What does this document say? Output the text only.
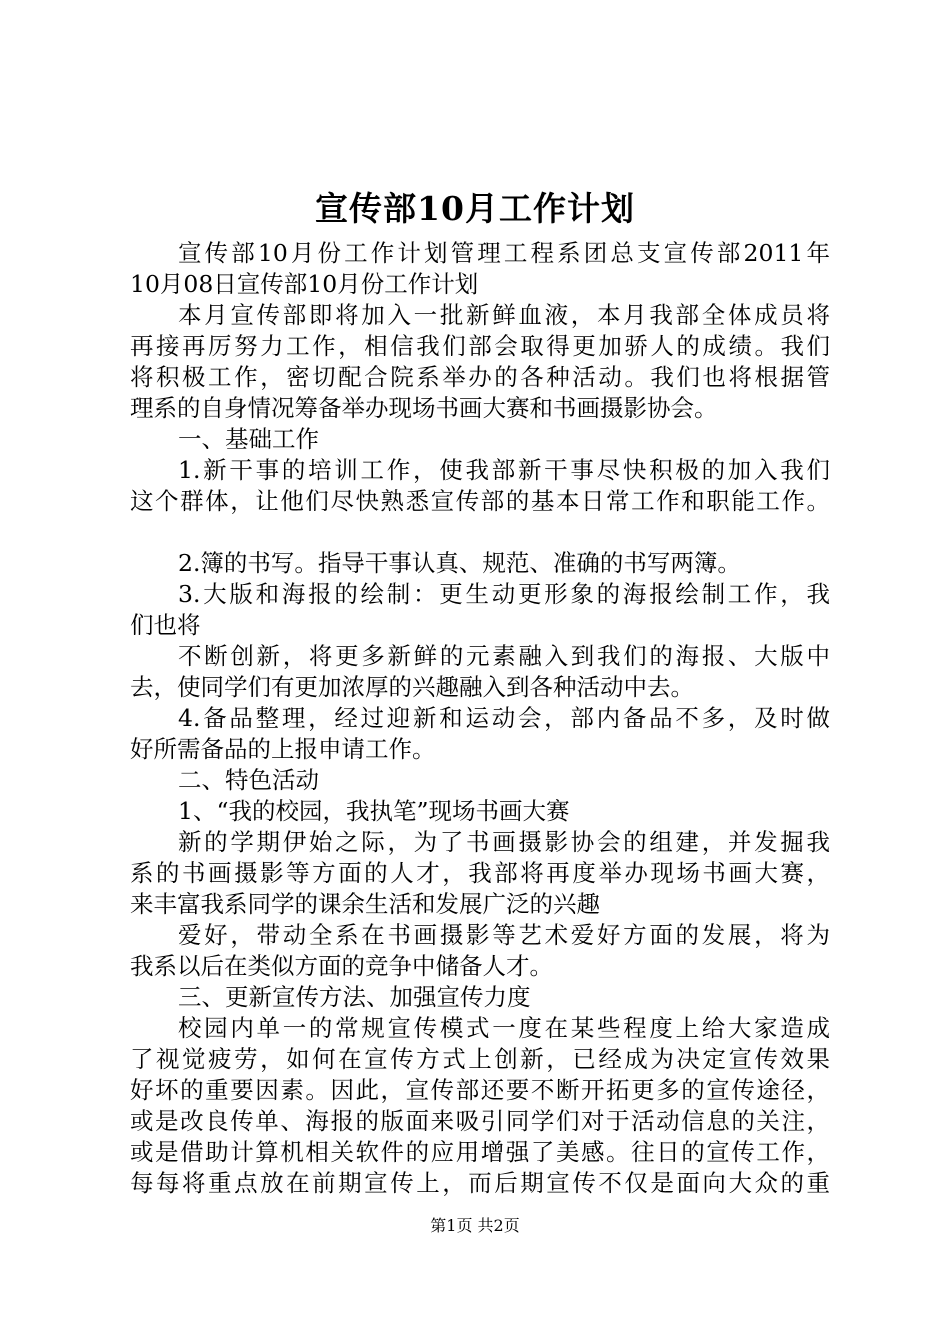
宣传部10月工作计划
宣传部10月份工作计划管理工程系团总支宣传部2011年
10月08日宣传部10月份工作计划
本月宣传部即将加入一批新鲜血液，本月我部全体成员将
再接再厉努力工作，相信我们部会取得更加骄人的成绩。我们
将积极工作，密切配合院系举办的各种活动。我们也将根据管
理系的自身情况筹备举办现场书画大赛和书画摄影协会。
一、基础工作
1.新干事的培训工作，使我部新干事尽快积极的加入我们
这个群体，让他们尽快熟悉宣传部的基本日常工作和职能工作。
2.簿的书写。指导干事认真、规范、准确的书写两簿。
3.大版和海报的绘制：更生动更形象的海报绘制工作，我
们也将
不断创新，将更多新鲜的元素融入到我们的海报、大版中
去，使同学们有更加浓厚的兴趣融入到各种活动中去。
4.备品整理，经过迎新和运动会，部内备品不多，及时做
好所需备品的上报申请工作。
二、特色活动
1、“我的校园，我执笔”现场书画大赛
新的学期伊始之际，为了书画摄影协会的组建，并发掘我
系的书画摄影等方面的人才，我部将再度举办现场书画大赛，
来丰富我系同学的课余生活和发展广泛的兴趣
爱好，带动全系在书画摄影等艺术爱好方面的发展，将为
我系以后在类似方面的竞争中储备人才。
三、更新宣传方法、加强宣传力度
校园内单一的常规宣传模式一度在某些程度上给大家造成
了视觉疲劳，如何在宣传方式上创新，已经成为决定宣传效果
好坏的重要因素。因此，宣传部还要不断开拓更多的宣传途径，
或是改良传单、海报的版面来吸引同学们对于活动信息的关注，
或是借助计算机相关软件的应用增强了美感。往日的宣传工作，
每每将重点放在前期宣传上，而后期宣传不仅是面向大众的重
第1页 共2页
